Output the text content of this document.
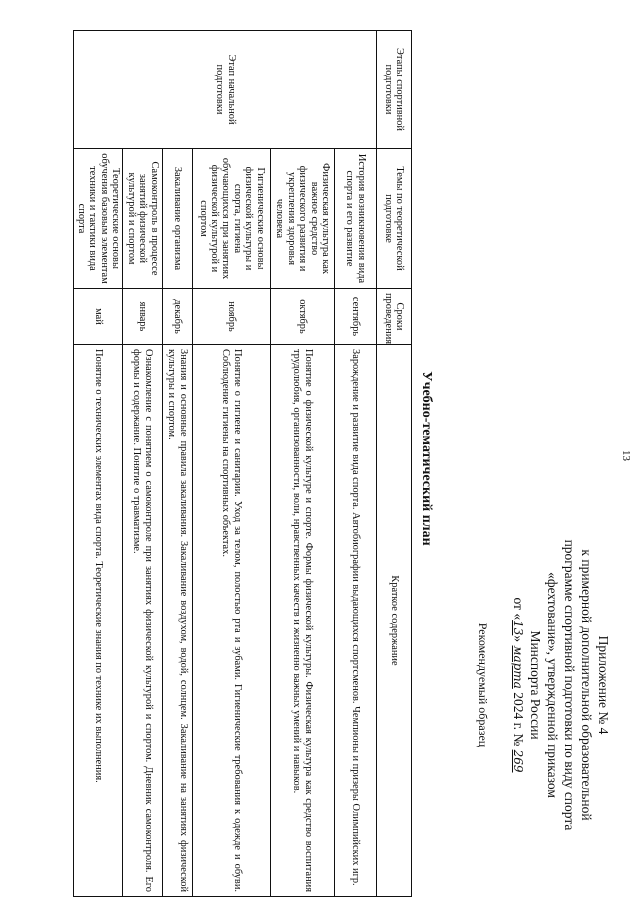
13
Приложение № 4
к примерной дополнительной образовательной
программе спортивной подготовки по виду спорта
«фехтование», утвержденной приказом
Минспорта России
от «13» марта 2024 г. № 269
Рекомендуемый образец
Учебно-тематический план
Этапы спортивной подготовки	Темы по теоретической подготовке	Сроки проведения	Краткое содержание
Этап начальной подготовки	История возникновения вида спорта и его развитие	сентябрь	Зарождение и развитие вида спорта. Автобиографии выдающихся спортсменов. Чемпионы и призеры Олимпийских игр.
	Физическая культура как важное средство физического развития и укрепления здоровья человека	октябрь	Понятие о физической культуре и спорте. Формы физической культуры. Физическая культура как средство воспитания трудолюбия, организованности, воли, нравственных качеств и жизненно важных умений и навыков.
	Гигиенические основы физической культуры и спорта, гигиена обучающихся при занятиях физической культурой и спортом	ноябрь	Понятие о гигиене и санитарии. Уход за телом, полостью рта и зубами. Гигиенические требования к одежде и обуви. Соблюдение гигиены на спортивных объектах.
	Закаливание организма	декабрь	Знания и основные правила закаливания. Закаливание воздухом, водой, солнцем. Закаливание на занятиях физической культуры и спортом.
	Самоконтроль в процессе занятий физической культурой и спортом	январь	Ознакомление с понятием о самоконтроле при занятиях физической культурой и спортом. Дневник самоконтроля. Его формы и содержание. Понятие о травматизме.
	Теоретические основы обучения базовым элементам техники и тактики вида спорта	май	Понятие о технических элементах вида спорта. Теоретические знания по технике их выполнения.
